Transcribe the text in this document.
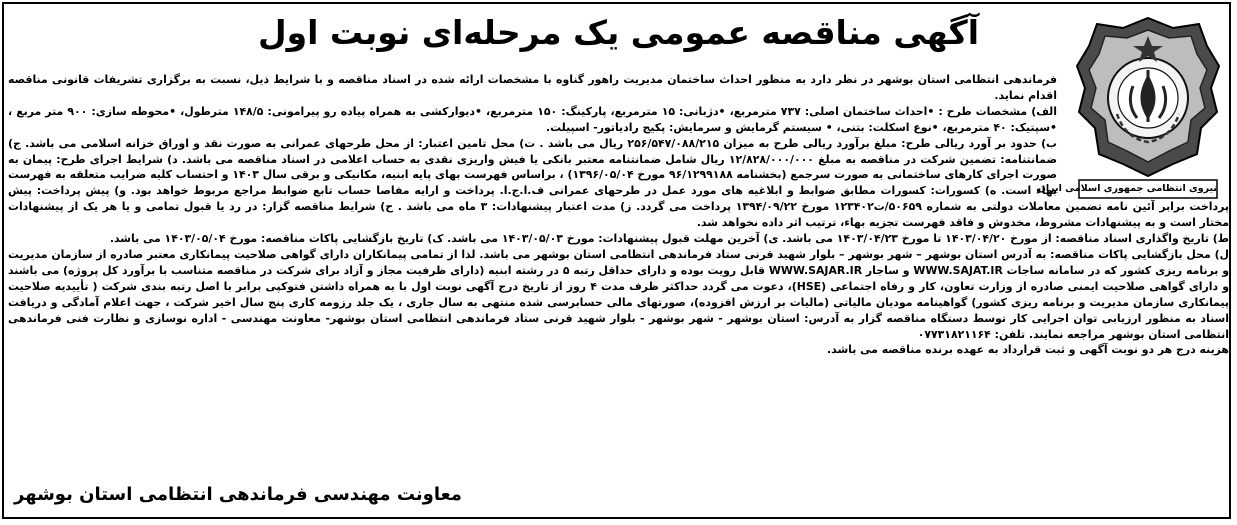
نیروی انتظامی جمهوری اسلامی ایران
آگهی مناقصه عمومی یک مرحله‌ای نوبت اول

فرماندهی انتظامی استان بوشهر در نظر دارد به منظور احداث ساختمان مدیریت راهور گناوه با مشخصات ارائه شده در اسناد مناقصه و با شرایط ذیل، نسبت به برگزاری تشریفات قانونی مناقصه اقدام نماید.

الف) مشخصات طرح : •احداث ساختمان اصلی: ۷۳۷ مترمربع، •دژبانی: ۱۵ مترمربع، پارکینگ: ۱۵۰ مترمربع، •دیوارکشی به همراه پیاده رو پیرامونی: ۱۴۸/۵ مترطول، •محوطه سازی: ۹۰۰ متر مربع ، •سپتیک: ۴۰ مترمربع، •نوع اسکلت: بتنی، • سیستم گرمایش و سرمایش: پکیج رادیاتور- اسپیلت.

ب) حدود بر آورد ریالی طرح: مبلغ برآورد ریالی طرح به میزان ۲۵۶/۵۴۷/۰۸۸/۲۱۵ ریال می باشد . ت) محل تامین اعتبار: از محل طرحهای عمرانی به صورت نقد و اوراق خزانه اسلامی می باشد. ج) ضمانتنامه: تضمین شرکت در مناقصه به مبلغ ۱۲/۸۲۸/۰۰۰/۰۰۰ ریال شامل ضمانتنامه معتبر بانکی یا فیش واریزی نقدی به حساب اعلامی در اسناد مناقصه می باشد. د) شرایط اجرای طرح: پیمان به صورت اجرای کارهای ساختمانی به صورت سرجمع (بخشنامه ۹۶/۱۲۹۹۱۸۸ مورخ ۱۳۹۶/۰۵/۰۴) ، براساس فهرست بهای پایه ابنیه، مکانیکی و برقی سال ۱۴۰۳ و احتساب کلیه ضرایب متعلقه به فهرست بهاء است. ه) کسورات: کسورات مطابق ضوابط و ابلاغیه های مورد عمل در طرحهای عمرانی ف.ا.ج.ا. پرداخت و ارایه مفاصا حساب تابع ضوابط مراجع مربوط خواهد بود. و) پیش پرداخت: پیش پرداخت برابر آئین نامه تضمین معاملات دولتی به شماره ۵۰۶۵۹/ت۱۲۳۴۰۲ مورخ ۱۳۹۴/۰۹/۲۲ پرداخت می گردد. ز) مدت اعتبار پیشنهادات: ۳ ماه می باشد . ح) شرایط مناقصه گزار: در رد یا قبول تمامی و یا هر یک از پیشنهادات مختار است و به پیشنهادات مشروط، مخدوش و فاقد فهرست تجزیه بهاء، ترتیب اثر داده نخواهد شد.

ط) تاریخ واگذاری اسناد مناقصه: از مورخ ۱۴۰۳/۰۴/۲۰ تا مورخ ۱۴۰۳/۰۴/۲۳ می باشد. ی) آخرین مهلت قبول پیشنهادات: مورخ ۱۴۰۳/۰۵/۰۳ می باشد. ک) تاریخ بازگشایی پاکات مناقصه: مورخ ۱۴۰۳/۰۵/۰۴ می باشد.

ل) محل بازگشایی پاکات مناقصه: به آدرس استان بوشهر – شهر بوشهر – بلوار شهید قرنی ستاد فرماندهی انتظامی استان بوشهر می باشد. لذا از تمامی پیمانکاران دارای گواهی صلاحیت پیمانکاری معتبر صادره از سازمان مدیریت و برنامه ریزی کشور که در سامانه ساجات WWW.SAJAT.IR و ساجار WWW.SAJAR.IR قابل رویت بوده و دارای حداقل رتبه ۵ در رشته ابنیه (دارای ظرفیت مجاز و آزاد برای شرکت در مناقصه متناسب با برآورد کل پروژه) می باشند و دارای گواهی صلاحیت ایمنی صادره از وزارت تعاون، کار و رفاه اجتماعی (HSE)، دعوت می گردد حداکثر ظرف مدت ۴ روز از تاریخ درج آگهی نوبت اول با به همراه داشتن فتوکپی برابر با اصل رتبه بندی شرکت ( تأییدیه صلاحیت پیمانکاری سازمان مدیریت و برنامه ریزی کشور) گواهینامه مودیان مالیاتی (مالیات بر ارزش افزوده)، صورتهای مالی حسابرسی شده منتهی به سال جاری ، یک جلد رزومه کاری پنج سال اخیر شرکت ، جهت اعلام آمادگی و دریافت اسناد به منظور ارزیابی توان اجرایی کار توسط دستگاه مناقصه گزار به آدرس: استان بوشهر - شهر بوشهر - بلوار شهید قرنی ستاد فرماندهی انتظامی استان بوشهر- معاونت مهندسی - اداره نوسازی و نظارت فنی فرماندهی انتظامی استان بوشهر مراجعه نمایند. تلفن: ۰۷۷۳۱۸۲۱۱۶۴

هزینه درج هر دو نوبت آگهی و ثبت قرارداد به عهده برنده مناقصه می باشد.

معاونت مهندسی فرماندهی انتظامی استان بوشهر
